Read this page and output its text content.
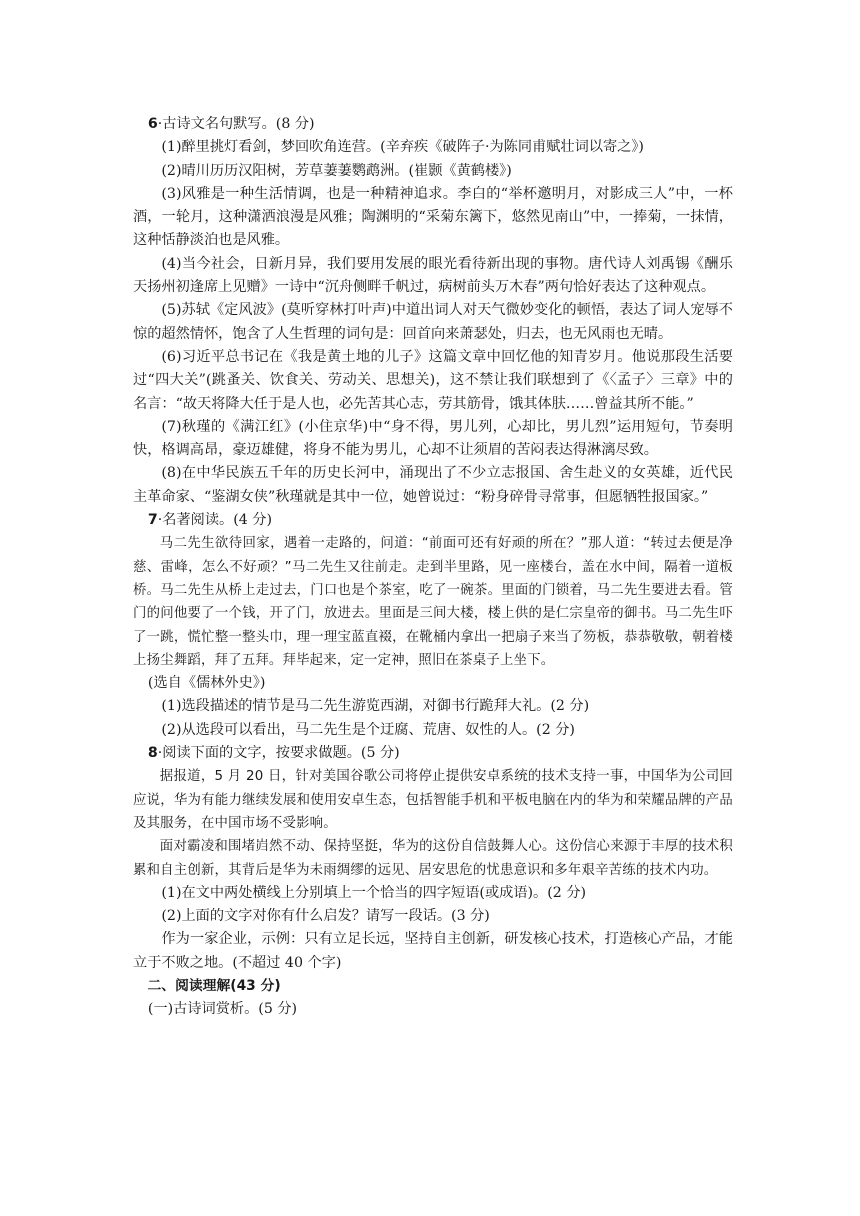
6·古诗文名句默写。(8 分)

(1)醉里挑灯看剑，梦回吹角连营。(辛弃疾《破阵子·为陈同甫赋壮词以寄之》)

(2)晴川历历汉阳树，芳草萋萋鹦鹉洲。(崔颢《黄鹤楼》)

(3)风雅是一种生活情调，也是一种精神追求。李白的“举杯邀明月，对影成三人”中，一杯酒，一轮月，这种潇洒浪漫是风雅；陶渊明的“采菊东篱下，悠然见南山”中，一捧菊，一抹情，这种恬静淡泊也是风雅。

(4)当今社会，日新月异，我们要用发展的眼光看待新出现的事物。唐代诗人刘禹锡《酬乐天扬州初逢席上见赠》一诗中“沉舟侧畔千帆过，病树前头万木春”两句恰好表达了这种观点。

(5)苏轼《定风波》(莫听穿林打叶声)中道出词人对天气微妙变化的顿悟，表达了词人宠辱不惊的超然情怀，饱含了人生哲理的词句是：回首向来萧瑟处，归去，也无风雨也无晴。

(6)习近平总书记在《我是黄土地的儿子》这篇文章中回忆他的知青岁月。他说那段生活要过“四大关”(跳蚤关、饮食关、劳动关、思想关)，这不禁让我们联想到了《〈孟子〉三章》中的名言：“故天将降大任于是人也，必先苦其心志，劳其筋骨，饿其体肤……曾益其所不能。”

(7)秋瑾的《满江红》(小住京华)中“身不得，男儿列，心却比，男儿烈”运用短句，节奏明快，格调高昂，豪迈雄健，将身不能为男儿，心却不让须眉的苦闷表达得淋漓尽致。

(8)在中华民族五千年的历史长河中，涌现出了不少立志报国、舍生赴义的女英雄，近代民主革命家、“鉴湖女侠”秋瑾就是其中一位，她曾说过：“粉身碎骨寻常事，但愿牺牲报国家。”

7·名著阅读。(4 分)

马二先生欲待回家，遇着一走路的，问道：“前面可还有好顽的所在？”那人道：“转过去便是净慈、雷峰，怎么不好顽？”马二先生又往前走。走到半里路，见一座楼台，盖在水中间，隔着一道板桥。马二先生从桥上走过去，门口也是个茶室，吃了一碗茶。里面的门锁着，马二先生要进去看。管门的问他要了一个钱，开了门，放进去。里面是三间大楼，楼上供的是仁宗皇帝的御书。马二先生吓了一跳，慌忙整一整头巾，理一理宝蓝直裰，在靴桶内拿出一把扇子来当了笏板，恭恭敬敬，朝着楼上扬尘舞蹈，拜了五拜。拜毕起来，定一定神，照旧在茶桌子上坐下。

(选自《儒林外史》)

(1)选段描述的情节是马二先生游览西湖，对御书行跪拜大礼。(2 分)

(2)从选段可以看出，马二先生是个迂腐、荒唐、奴性的人。(2 分)

8·阅读下面的文字，按要求做题。(5 分)

据报道，5 月 20 日，针对美国谷歌公司将停止提供安卓系统的技术支持一事，中国华为公司回应说，华为有能力继续发展和使用安卓生态，包括智能手机和平板电脑在内的华为和荣耀品牌的产品及其服务，在中国市场不受影响。

面对霸凌和围堵岿然不动、保持坚挺，华为的这份自信鼓舞人心。这份信心来源于丰厚的技术积累和自主创新，其背后是华为未雨绸缪的远见、居安思危的忧患意识和多年艰辛苦练的技术内功。

(1)在文中两处横线上分别填上一个恰当的四字短语(或成语)。(2 分)

(2)上面的文字对你有什么启发？请写一段话。(3 分)

作为一家企业，示例：只有立足长远，坚持自主创新，研发核心技术，打造核心产品，才能立于不败之地。(不超过 40 个字)

二、阅读理解(43 分)

(一)古诗词赏析。(5 分)
